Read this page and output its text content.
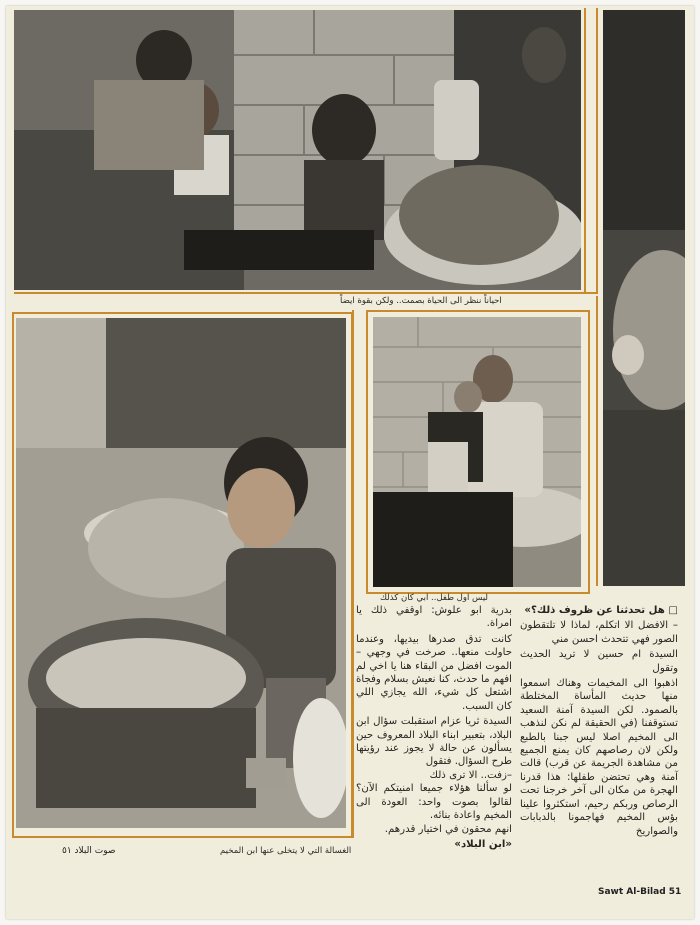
احياناً ننظر الى الحياة بصمت.. ولكن بقوة ايضاً
ليس اول طفل.. ابي كان كذلك

□ هل تحدثنا عن ظروف ذلك؟»

– الافضل الا اتكلم، لماذا لا تلتقطون الصور فهي تتحدث احسن مني

السيدة ام حسين لا تريد الحديث وتقول

اذهبوا الى المخيمات وهناك اسمعوا منها حديث المأساة المختلطة بالصمود. لكن السيدة آمنة السعيد تستوقفنا (في الحقيقة لم نكن لنذهب الى المخيم اصلا ليس جبنا بالطبع ولكن لان رصاصهم كان يمنع الجميع من مشاهدة الجريمة عن قرب) قالت آمنة وهي تحتضن طفلها: هذا قدرنا الهجرة من مكان الى آخر خرجنا تحت الرصاص وربكم رحيم، استكثروا علينا بؤس المخيم فهاجمونا بالدبابات والصواريخ

بدرية ابو علوش: اوقفي ذلك يا امراة.

كانت تدق صدرها بيديها، وعندما حاولت منعها.. صرخت في وجهي – الموت افضل من البقاء هنا يا اخي لم افهم ما حدث، كنا نعيش بسلام وفجاة اشتعل كل شيء، الله يجازي اللي كان السبب.

السيدة ثريا عزام استقبلت سؤال ابن البلاد، بتعبير ابناء البلاد المعروف حين يسألون عن حالة لا يجوز عند رؤيتها طرح السؤال. فتقول

–زفت.. الا ترى ذلك

لو سألنا هؤلاء جميعا امنيتكم الآن؟ لقالوا بصوت واحد: العودة الى المخيم واعادة بنائه.

انهم محقون في اختيار قدرهم.

«ابن البلاد»

الغسالة التي لا يتخلى عنها ابن المخيم
صوت البلاد ٥١
Sawt Al-Bilad 51
